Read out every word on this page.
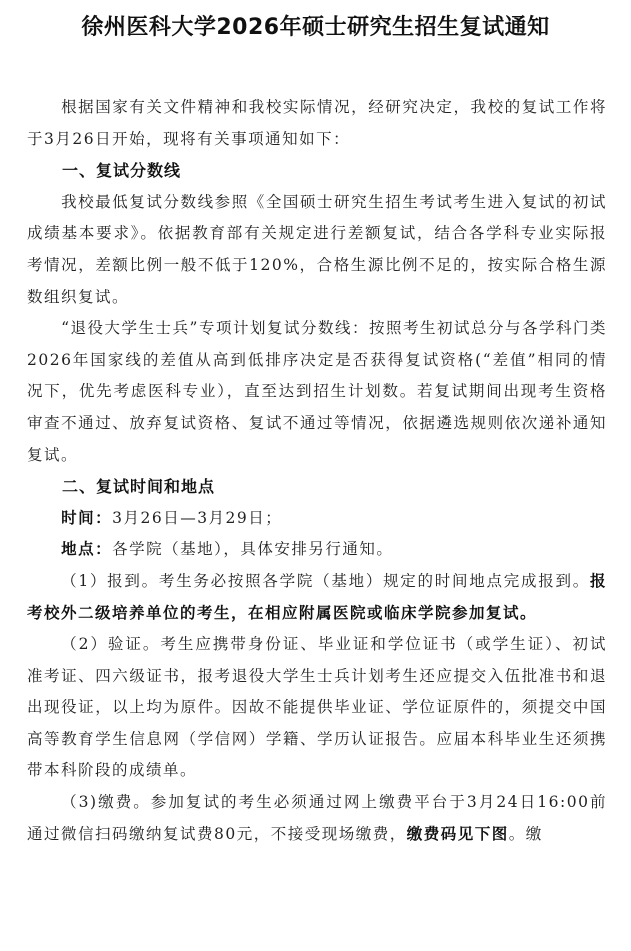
徐州医科大学2026年硕士研究生招生复试通知

根据国家有关文件精神和我校实际情况，经研究决定，我校的复试工作将于3月26日开始，现将有关事项通知如下：

一、复试分数线

我校最低复试分数线参照《全国硕士研究生招生考试考生进入复试的初试成绩基本要求》。依据教育部有关规定进行差额复试，结合各学科专业实际报考情况，差额比例一般不低于120%，合格生源比例不足的，按实际合格生源数组织复试。

“退役大学生士兵”专项计划复试分数线：按照考生初试总分与各学科门类2026年国家线的差值从高到低排序决定是否获得复试资格(“差值”相同的情况下，优先考虑医科专业），直至达到招生计划数。若复试期间出现考生资格审查不通过、放弃复试资格、复试不通过等情况，依据遴选规则依次递补通知复试。

二、复试时间和地点

时间：3月26日—3月29日；

地点：各学院（基地），具体安排另行通知。

（1）报到。考生务必按照各学院（基地）规定的时间地点完成报到。报考校外二级培养单位的考生，在相应附属医院或临床学院参加复试。

（2）验证。考生应携带身份证、毕业证和学位证书（或学生证）、初试准考证、四六级证书，报考退役大学生士兵计划考生还应提交入伍批准书和退出现役证，以上均为原件。因故不能提供毕业证、学位证原件的，须提交中国高等教育学生信息网（学信网）学籍、学历认证报告。应届本科毕业生还须携带本科阶段的成绩单。

（3)缴费。参加复试的考生必须通过网上缴费平台于3月24日16:00前通过微信扫码缴纳复试费80元，不接受现场缴费，缴费码见下图。缴
